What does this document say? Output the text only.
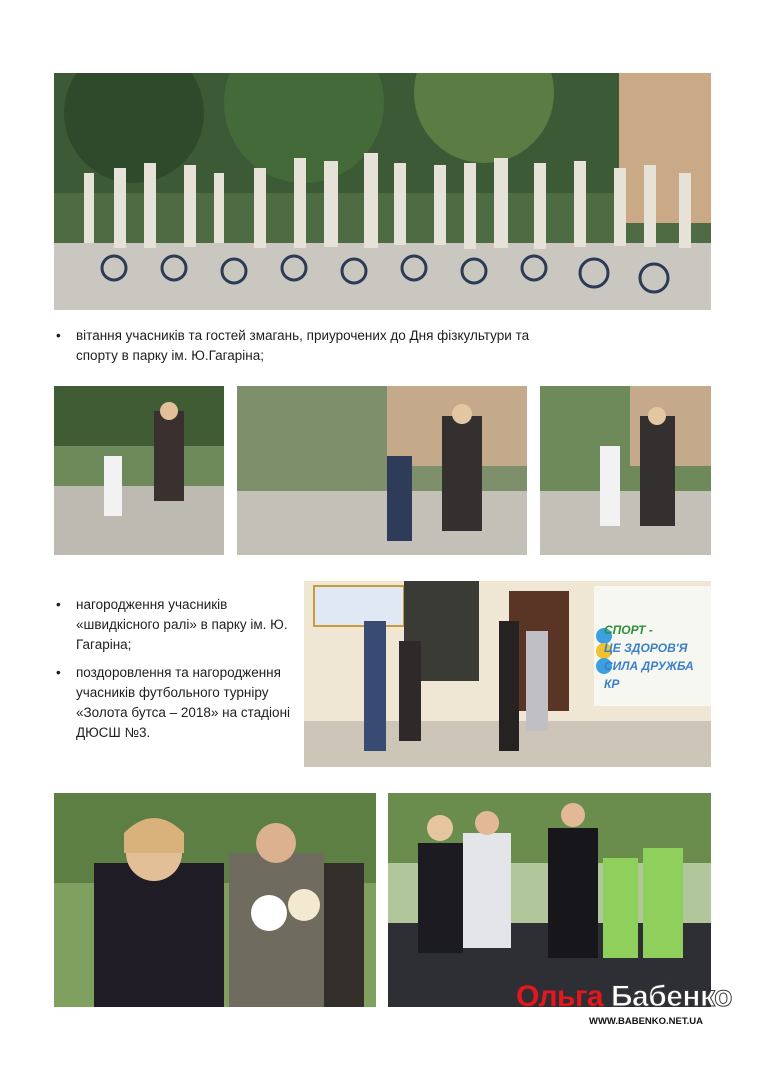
• вітання учасників та гостей змагань, приурочених до Дня фізкультури та спорту в парку ім. Ю.Гагаріна;
• нагородження учасників «швидкісного ралі» в парку ім. Ю. Гагаріна;
• поздоровлення та нагородження учасників футбольного турніру «Золота бутса – 2018» на стадіоні ДЮСШ №3.
СПОРТ -
ЦЕ ЗДОРОВ'Я
СИЛА ДРУЖБА КР
Ольга Бабенко
WWW.BABENKO.NET.UA
